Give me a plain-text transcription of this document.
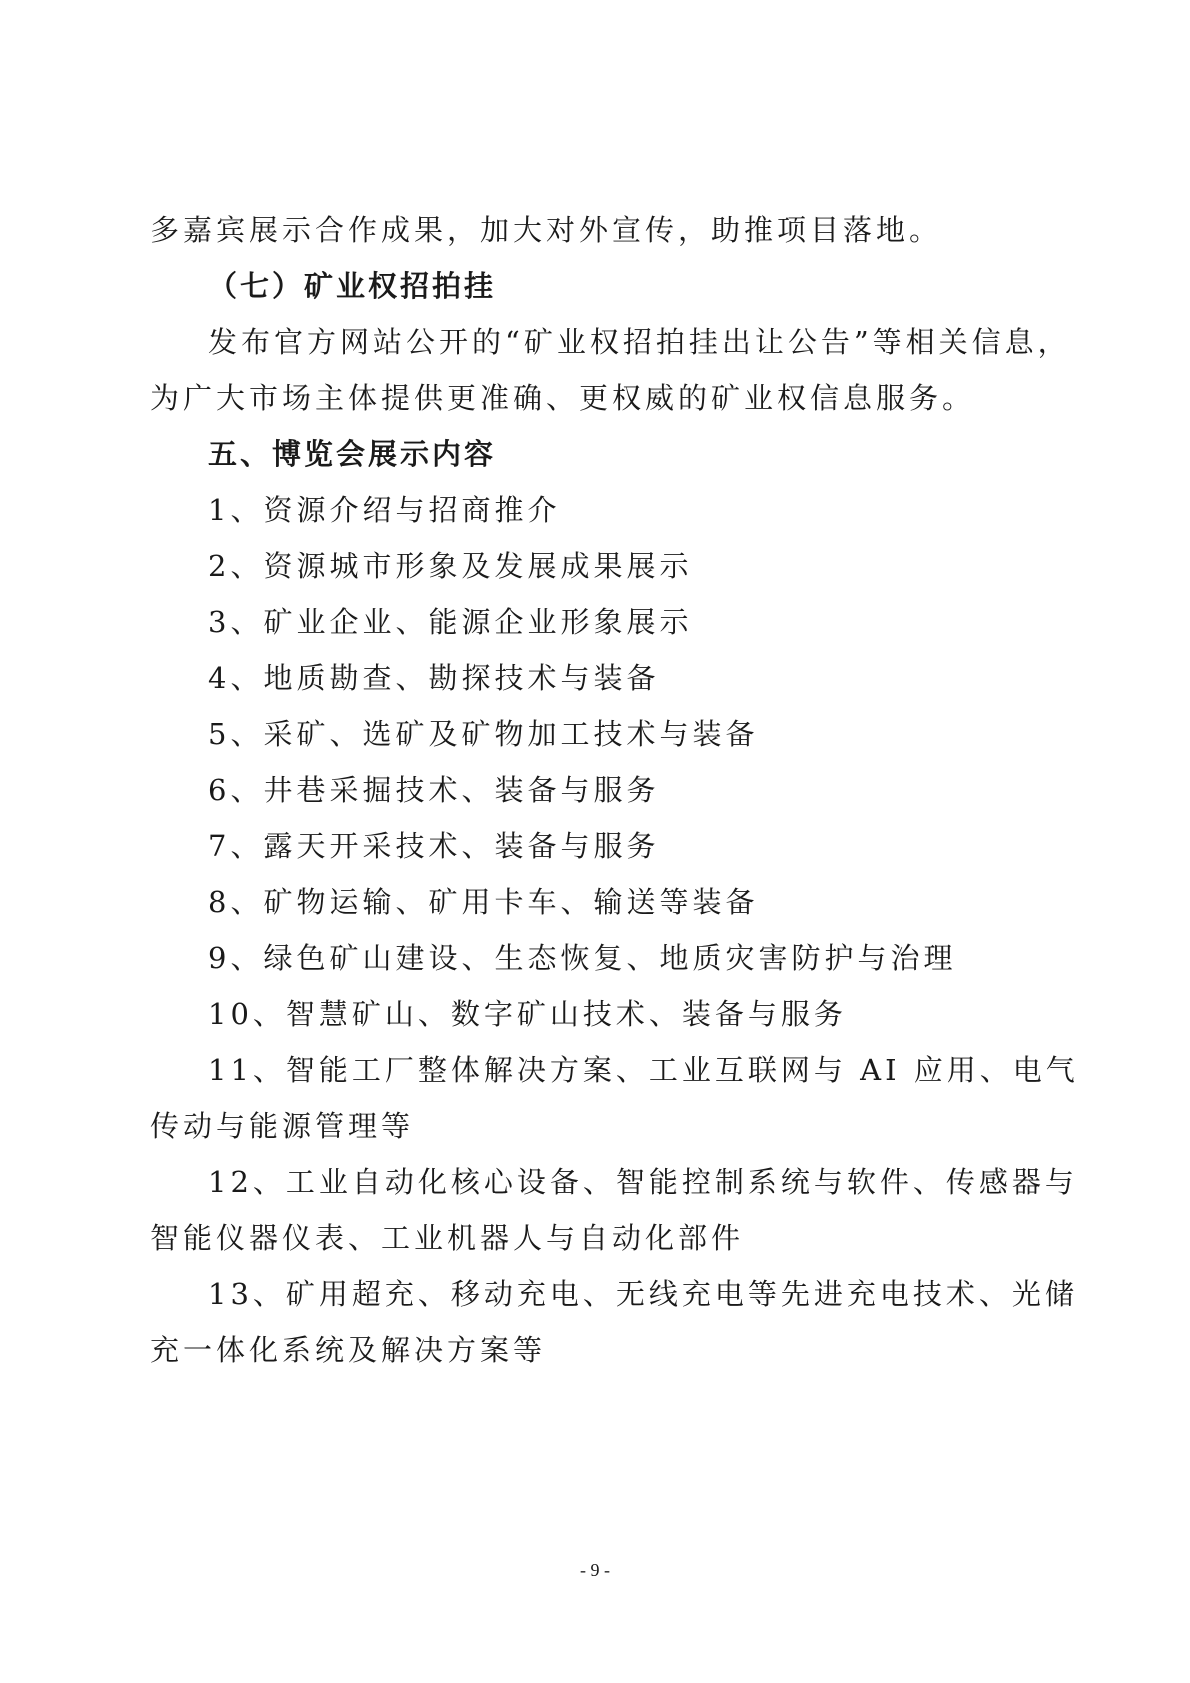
多嘉宾展示合作成果，加大对外宣传，助推项目落地。
（七）矿业权招拍挂
发布官方网站公开的“矿业权招拍挂出让公告”等相关信息，
为广大市场主体提供更准确、更权威的矿业权信息服务。
五、博览会展示内容
1、资源介绍与招商推介
2、资源城市形象及发展成果展示
3、矿业企业、能源企业形象展示
4、地质勘查、勘探技术与装备
5、采矿、选矿及矿物加工技术与装备
6、井巷采掘技术、装备与服务
7、露天开采技术、装备与服务
8、矿物运输、矿用卡车、输送等装备
9、绿色矿山建设、生态恢复、地质灾害防护与治理
10、智慧矿山、数字矿山技术、装备与服务
11、智能工厂整体解决方案、工业互联网与 AI 应用、电气
传动与能源管理等
12、工业自动化核心设备、智能控制系统与软件、传感器与
智能仪器仪表、工业机器人与自动化部件
13、矿用超充、移动充电、无线充电等先进充电技术、光储
充一体化系统及解决方案等
- 9 -
